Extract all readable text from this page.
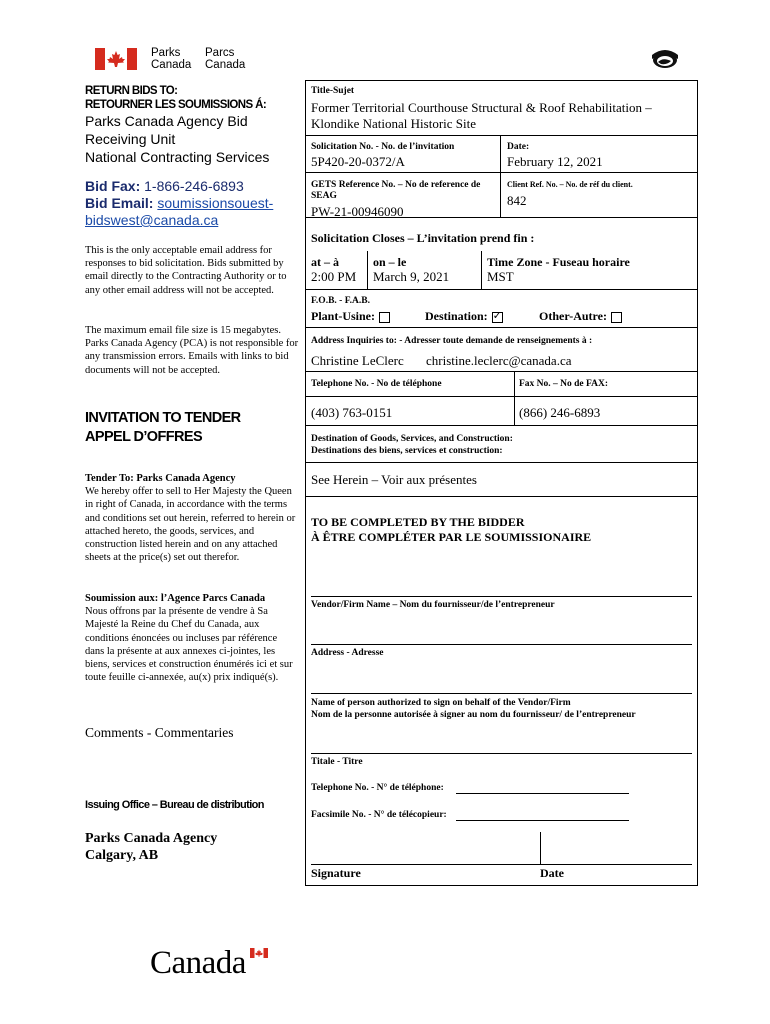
Parks
Canada
Parcs
Canada
RETURN BIDS TO:
RETOURNER LES SOUMISSIONS Á:
Parks Canada Agency Bid
Receiving Unit
National Contracting Services
Bid Fax: 1-866-246-6893
Bid Email: soumissionsouest-
bidswest@canada.ca
This is the only acceptable email address for responses to bid solicitation. Bids submitted by email directly to the Contracting Authority or to any other email address will not be accepted.
The maximum email file size is 15 megabytes. Parks Canada Agency (PCA) is not responsible for any transmission errors. Emails with links to bid documents will not be accepted.
INVITATION TO TENDER
APPEL D’OFFRES
Tender To: Parks Canada Agency
We hereby offer to sell to Her Majesty the Queen in right of Canada, in accordance with the terms and conditions set out herein, referred to herein or attached hereto, the goods, services, and construction listed herein and on any attached sheets at the price(s) set out therefor.
Soumission aux: l’Agence Parcs Canada
Nous offrons par la présente de vendre à Sa Majesté la Reine du Chef du Canada, aux conditions énoncées ou incluses par référence dans la présente at aux annexes ci-jointes, les biens, services et construction énumérés ici et sur toute feuille ci-annexée, au(x) prix indiqué(s).
Comments - Commentaries
Issuing Office – Bureau de distribution
Parks Canada Agency
Calgary, AB
Title-Sujet
Former Territorial Courthouse Structural & Roof Rehabilitation – Klondike National Historic Site
Solicitation No. - No. de l’invitation
5P420-20-0372/A
Date:
February 12, 2021
GETS Reference No. – No de reference de SEAG
PW-21-00946090
Client Ref. No. – No. de réf du client.
842
Solicitation Closes – L’invitation prend fin :
at – à
2:00 PM
on – le
March 9, 2021
Time Zone - Fuseau horaire
MST
F.O.B. - F.A.B.
Plant-Usine:	Destination:✓	Other-Autre:
Address Inquiries to: - Adresser toute demande de renseignements à :
Christine LeClerc christine.leclerc@canada.ca
Telephone No. - No de téléphone	Fax No. – No de FAX:
(403) 763-0151	(866) 246-6893
Destination of Goods, Services, and Construction:
Destinations des biens, services et construction:
See Herein – Voir aux présentes
TO BE COMPLETED BY THE BIDDER
À ÊTRE COMPLÉTER PAR LE SOUMISSIONAIRE
Vendor/Firm Name – Nom du fournisseur/de l’entrepreneur
Address - Adresse
Name of person authorized to sign on behalf of the Vendor/Firm
Nom de la personne autorisée à signer au nom du fournisseur/ de l’entrepreneur
Titale - Titre
Telephone No. - N° de téléphone:
Facsimile No. - N° de télécopieur:
Signature	Date
Canada
